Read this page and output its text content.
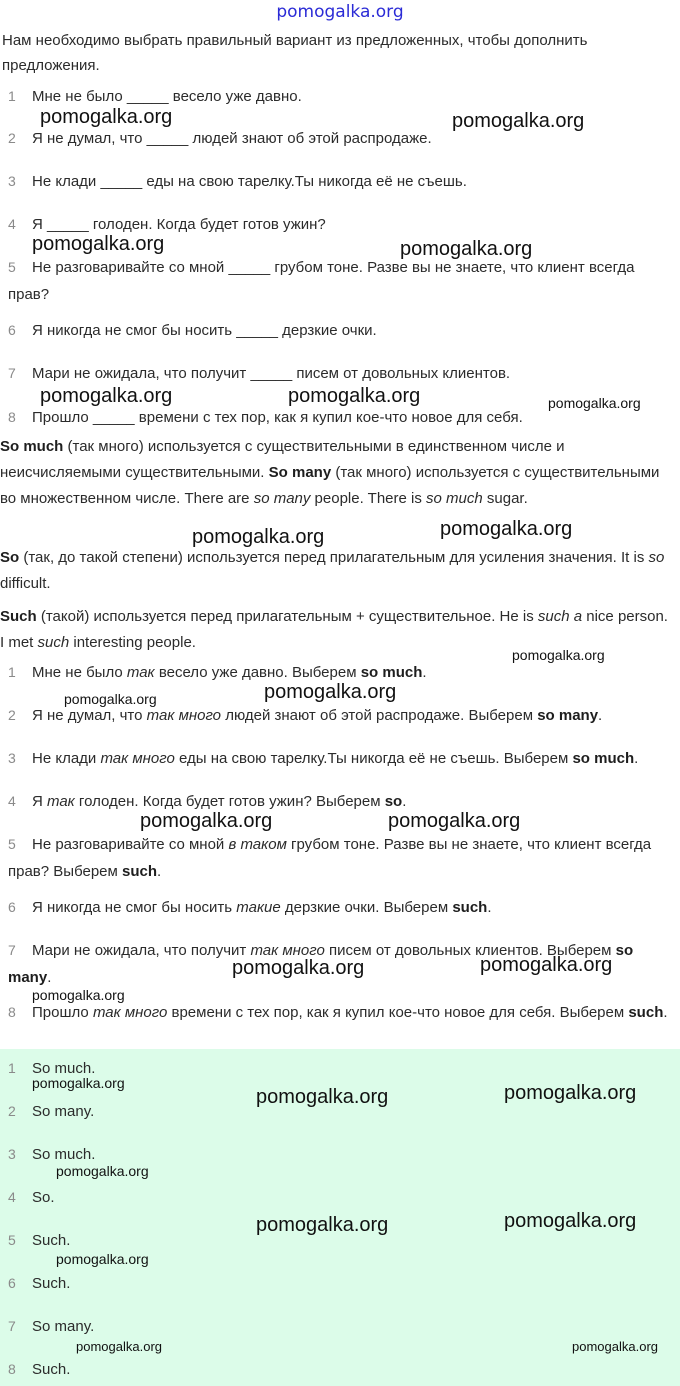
pomogalka.org
Нам необходимо выбрать правильный вариант из предложенных, чтобы дополнить предложения.
1 Мне не было _____ весело уже давно.
2 Я не думал, что _____ людей знают об этой распродаже.
3 Не клади _____ еды на свою тарелку.Ты никогда её не съешь.
4 Я _____ голоден. Когда будет готов ужин?
5 Не разговаривайте со мной _____ грубом тоне. Разве вы не знаете, что клиент всегда прав?
6 Я никогда не смог бы носить _____ дерзкие очки.
7 Мари не ожидала, что получит _____ писем от довольных клиентов.
8 Прошло _____ времени с тех пор, как я купил кое-что новое для себя.
So much (так много) используется с существительными в единственном числе и неисчисляемыми существительными. So many (так много) используется с существительными во множественном числе. There are so many people. There is so much sugar.
So (так, до такой степени) используется перед прилагательным для усиления значения. It is so difficult.
Such (такой) используется перед прилагательным + существительное. He is such a nice person. I met such interesting people.
1 Мне не было так весело уже давно. Выберем so much.
2 Я не думал, что так много людей знают об этой распродаже. Выберем so many.
3 Не клади так много еды на свою тарелку.Ты никогда её не съешь. Выберем so much.
4 Я так голоден. Когда будет готов ужин? Выберем so.
5 Не разговаривайте со мной в таком грубом тоне. Разве вы не знаете, что клиент всегда прав? Выберем such.
6 Я никогда не смог бы носить такие дерзкие очки. Выберем such.
7 Мари не ожидала, что получит так много писем от довольных клиентов. Выберем so many.
8 Прошло так много времени с тех пор, как я купил кое-что новое для себя. Выберем such.
1 So much.
2 So many.
3 So much.
4 So.
5 Such.
6 Such.
7 So many.
8 Such.
pomogalka.org	pomogalka.org
pomogalka.org	pomogalka.org
pomogalka.org	pomogalka.org	pomogalka.org
pomogalka.org	pomogalka.org
pomogalka.org
pomogalka.org	pomogalka.org
pomogalka.org	pomogalka.org
pomogalka.org	pomogalka.org
pomogalka.org
pomogalka.org
pomogalka.org	pomogalka.org
pomogalka.org
pomogalka.org	pomogalka.org
pomogalka.org
pomogalka.org	pomogalka.org
